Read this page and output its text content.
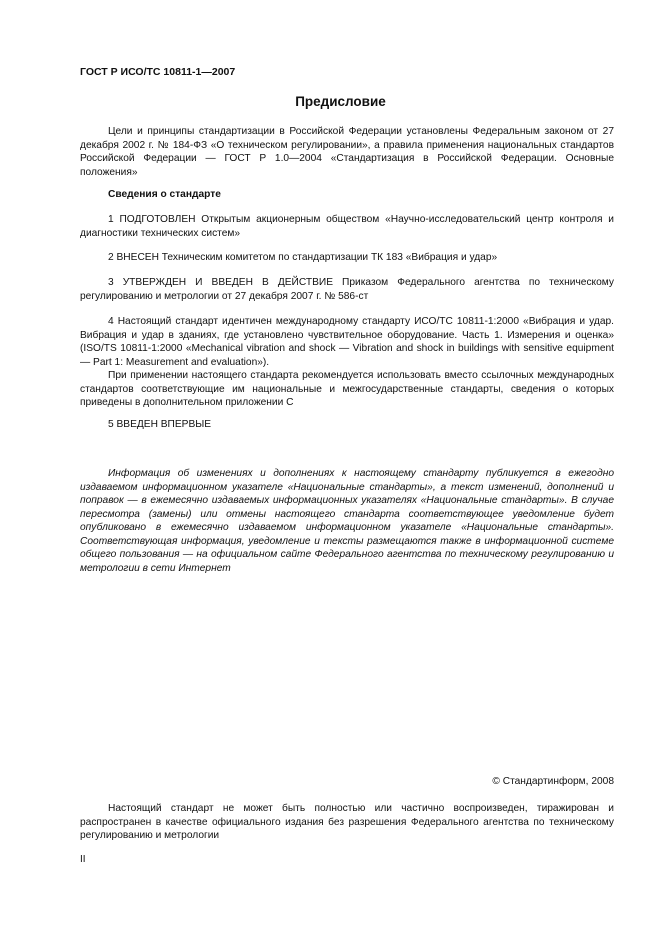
ГОСТ Р ИСО/ТС 10811-1—2007
Предисловие

Цели и принципы стандартизации в Российской Федерации установлены Федеральным законом от 27 декабря 2002 г. № 184-ФЗ «О техническом регулировании», а правила применения национальных стандартов Российской Федерации — ГОСТ Р 1.0—2004 «Стандартизация в Российской Федерации. Основные положения»

Сведения о стандарте

1 ПОДГОТОВЛЕН Открытым акционерным обществом «Научно-исследовательский центр контроля и диагностики технических систем»

2 ВНЕСЕН Техническим комитетом по стандартизации ТК 183 «Вибрация и удар»

3 УТВЕРЖДЕН И ВВЕДЕН В ДЕЙСТВИЕ Приказом Федерального агентства по техническому регулированию и метрологии от 27 декабря 2007 г. № 586-ст

4 Настоящий стандарт идентичен международному стандарту ИСО/ТС 10811-1:2000 «Вибрация и удар. Вибрация и удар в зданиях, где установлено чувствительное оборудование. Часть 1. Измерения и оценка» (ISO/TS 10811-1:2000 «Mechanical vibration and shock — Vibration and shock in buildings with sensitive equipment — Part 1: Measurement and evaluation»).

При применении настоящего стандарта рекомендуется использовать вместо ссылочных международных стандартов соответствующие им национальные и межгосударственные стандарты, сведения о которых приведены в дополнительном приложении С

5 ВВЕДЕН ВПЕРВЫЕ

Информация об изменениях и дополнениях к настоящему стандарту публикуется в ежегодно издаваемом информационном указателе «Национальные стандарты», а текст изменений, дополнений и поправок — в ежемесячно издаваемых информационных указателях «Национальные стандарты». В случае пересмотра (замены) или отмены настоящего стандарта соответствующее уведомление будет опубликовано в ежемесячно издаваемом информационном указателе «Национальные стандарты». Соответствующая информация, уведомление и тексты размещаются также в информационной системе общего пользования — на официальном сайте Федерального агентства по техническому регулированию и метрологии в сети Интернет

© Стандартинформ, 2008

Настоящий стандарт не может быть полностью или частично воспроизведен, тиражирован и распространен в качестве официального издания без разрешения Федерального агентства по техническому регулированию и метрологии

II
